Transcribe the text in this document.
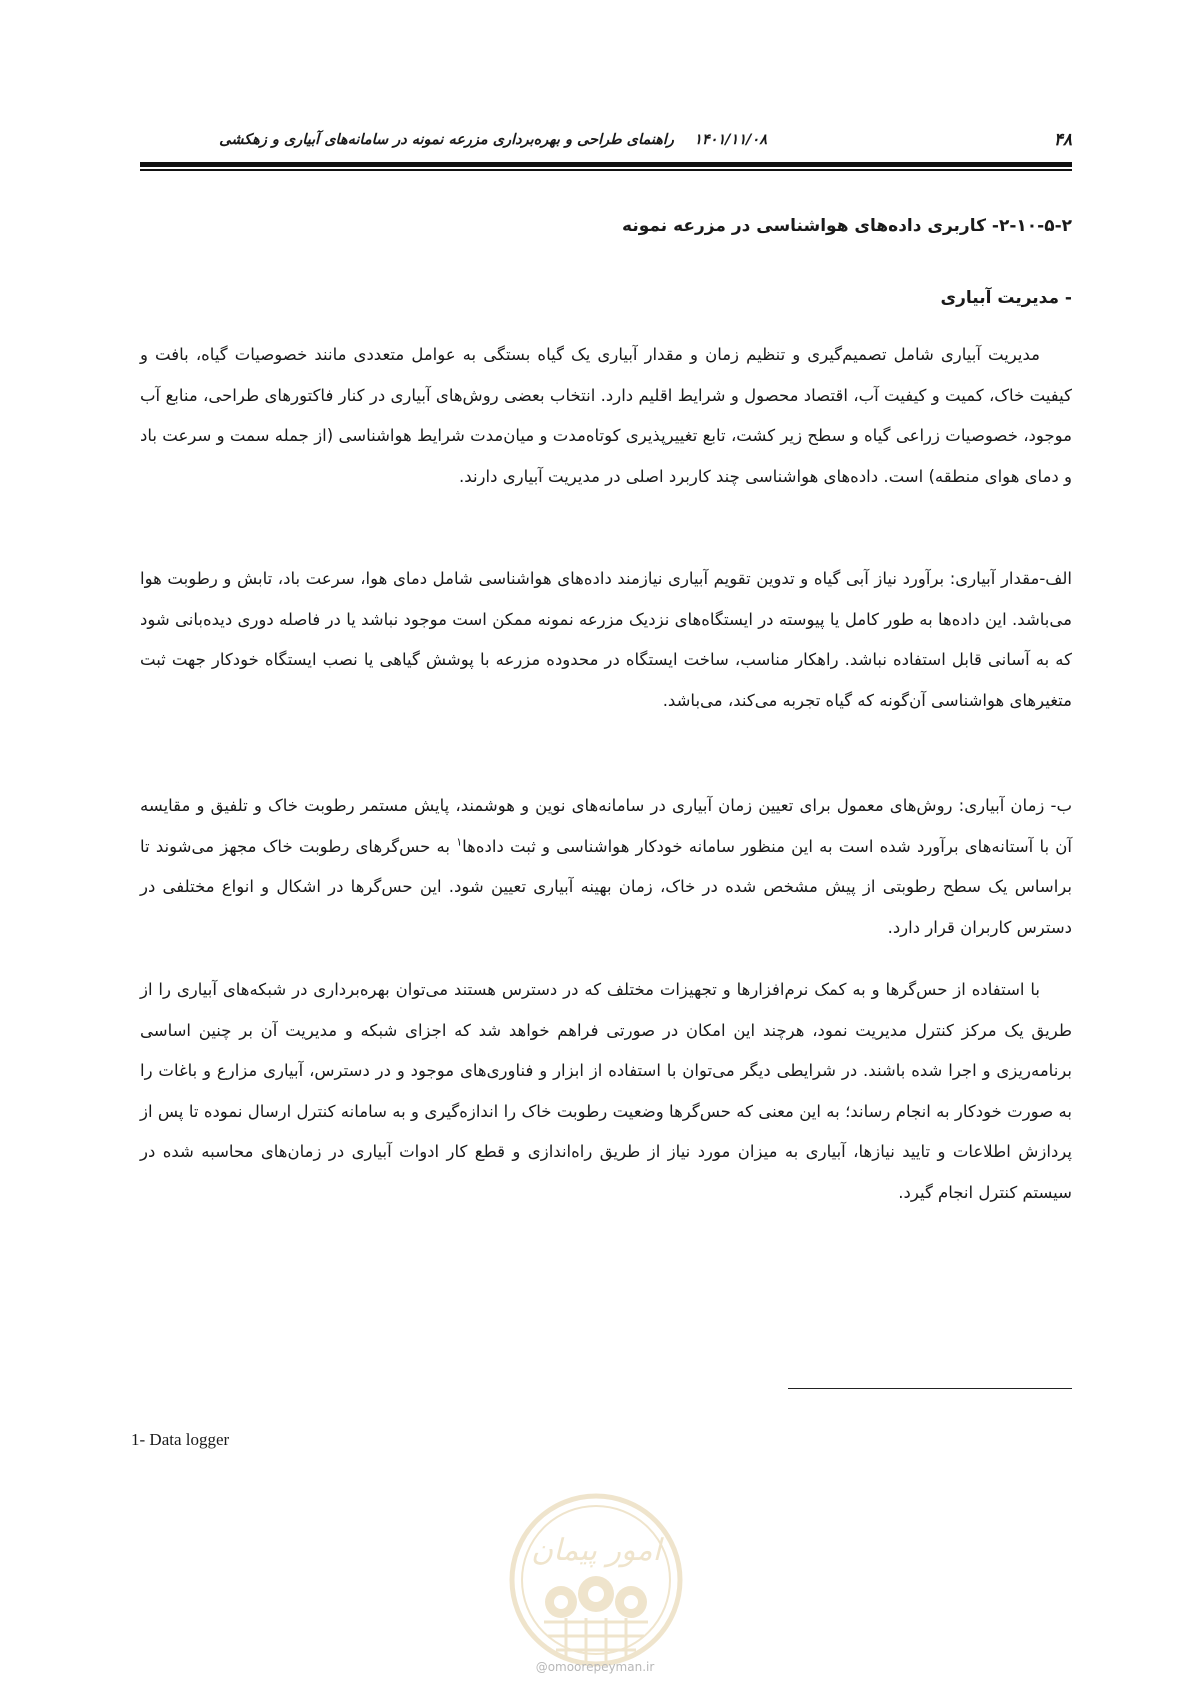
۴۸
۱۴۰۱/۱۱/۰۸    راهنمای طراحی و بهره‌برداری مزرعه نمونه در سامانه‌های آبیاری و زهکشی
۲-۱۰-۵-۲- کاربری داده‌های هواشناسی در مزرعه نمونه
- مدیریت آبیاری
مدیریت آبیاری شامل تصمیم‌گیری و تنظیم زمان و مقدار آبیاری یک گیاه بستگی به عوامل متعددی مانند خصوصیات گیاه، بافت و کیفیت خاک، کمیت و کیفیت آب، اقتصاد محصول و شرایط اقلیم دارد. انتخاب بعضی روش‌های آبیاری در کنار فاکتورهای طراحی، منابع آب موجود، خصوصیات زراعی گیاه و سطح زیر کشت، تابع تغییرپذیری کوتاه‌مدت و میان‌مدت شرایط هواشناسی (از جمله سمت و سرعت باد و دمای هوای منطقه) است. داده‌های هواشناسی چند کاربرد اصلی در مدیریت آبیاری دارند.
الف-مقدار آبیاری: برآورد نیاز آبی گیاه و تدوین تقویم آبیاری نیازمند داده‌های هواشناسی شامل دمای هوا، سرعت باد، تابش و رطوبت هوا می‌باشد. این داده‌ها به طور کامل یا پیوسته در ایستگاه‌های نزدیک مزرعه نمونه ممکن است موجود نباشد یا در فاصله دوری دیده‌بانی شود که به آسانی قابل استفاده نباشد. راهکار مناسب، ساخت ایستگاه در محدوده مزرعه با پوشش گیاهی یا نصب ایستگاه خودکار جهت ثبت متغیرهای هواشناسی آن‌گونه که گیاه تجربه می‌کند، می‌باشد.
ب- زمان آبیاری: روش‌های معمول برای تعیین زمان آبیاری در سامانه‌های نوین و هوشمند، پایش مستمر رطوبت خاک و تلفیق و مقایسه آن با آستانه‌های برآورد شده است به این منظور سامانه خودکار هواشناسی و ثبت داده‌ها$^۱$ به حس‌گرهای رطوبت خاک مجهز می‌شوند تا براساس یک سطح رطوبتی از پیش مشخص شده در خاک، زمان بهینه آبیاری تعیین شود. این حس‌گرها در اشکال و انواع مختلفی در دسترس کاربران قرار دارد.
با استفاده از حس‌گرها و به کمک نرم‌افزارها و تجهیزات مختلف که در دسترس هستند می‌توان بهره‌برداری در شبکه‌های آبیاری را از طریق یک مرکز کنترل مدیریت نمود، هرچند این امکان در صورتی فراهم خواهد شد که اجزای شبکه و مدیریت آن بر چنین اساسی برنامه‌ریزی و اجرا شده باشند. در شرایطی دیگر می‌توان با استفاده از ابزار و فناوری‌های موجود و در دسترس، آبیاری مزارع و باغات را به صورت خودکار به انجام رساند؛ به این معنی که حس‌گرها وضعیت رطوبت خاک را اندازه‌گیری و به سامانه کنترل ارسال نموده تا پس از پردازش اطلاعات و تایید نیازها، آبیاری به میزان مورد نیاز از طریق راه‌اندازی و قطع کار ادوات آبیاری در زمان‌های محاسبه شده در سیستم کنترل انجام گیرد.
1- Data logger
امور پیمان
@omoorepeyman.ir
